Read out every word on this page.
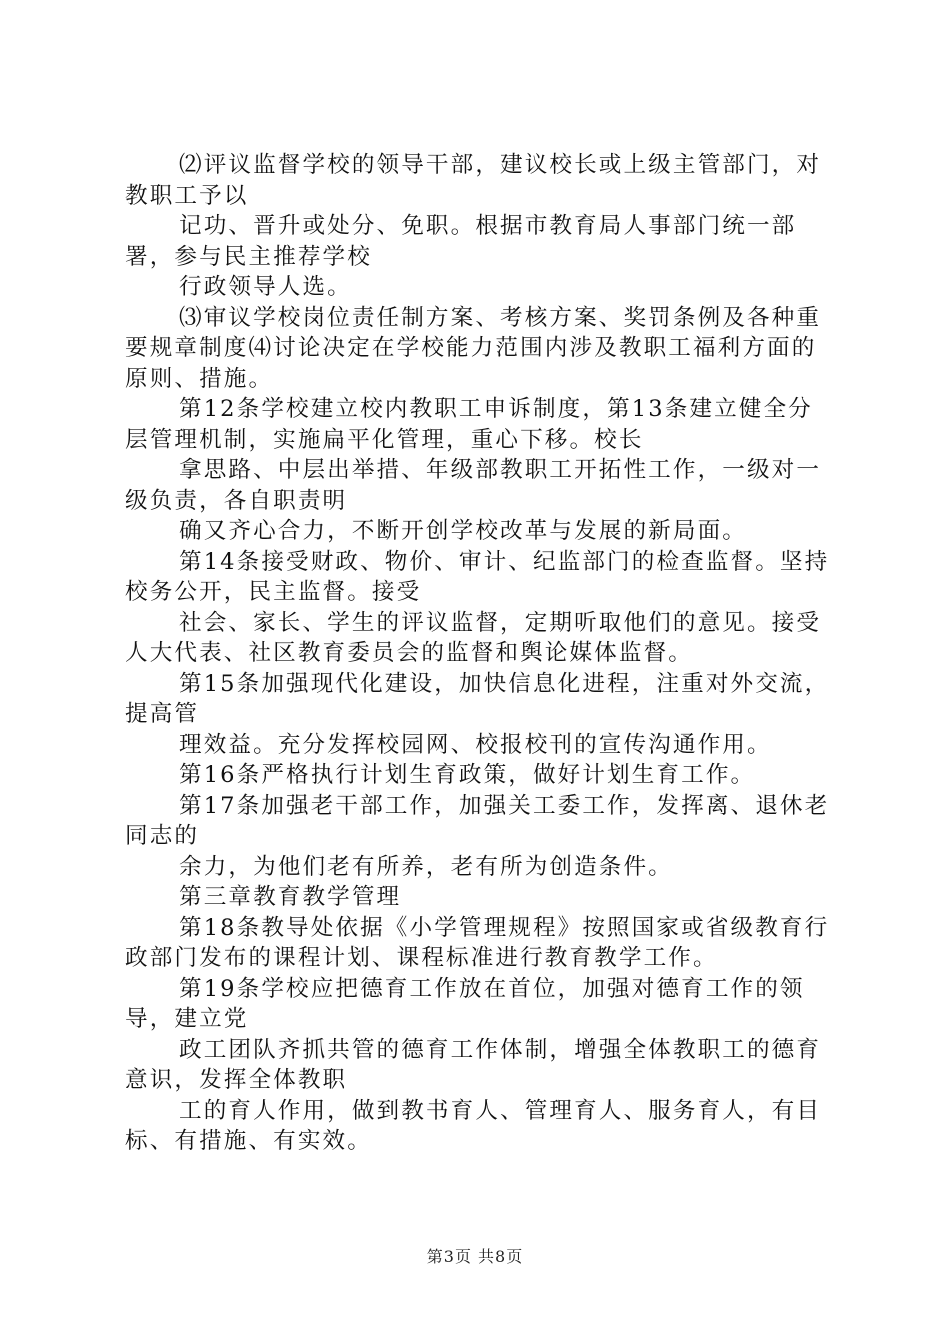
⑵评议监督学校的领导干部，建议校长或上级主管部门，对教职工予以

记功、晋升或处分、免职。根据市教育局人事部门统一部署，参与民主推荐学校

行政领导人选。

⑶审议学校岗位责任制方案、考核方案、奖罚条例及各种重要规章制度⑷讨论决定在学校能力范围内涉及教职工福利方面的原则、措施。

第12条学校建立校内教职工申诉制度，第13条建立健全分层管理机制，实施扁平化管理，重心下移。校长

拿思路、中层出举措、年级部教职工开拓性工作，一级对一级负责，各自职责明

确又齐心合力，不断开创学校改革与发展的新局面。

第14条接受财政、物价、审计、纪监部门的检查监督。坚持校务公开，民主监督。接受

社会、家长、学生的评议监督，定期听取他们的意见。接受人大代表、社区教育委员会的监督和舆论媒体监督。

第15条加强现代化建设，加快信息化进程，注重对外交流，提高管

理效益。充分发挥校园网、校报校刊的宣传沟通作用。

第16条严格执行计划生育政策，做好计划生育工作。

第17条加强老干部工作，加强关工委工作，发挥离、退休老同志的

余力，为他们老有所养，老有所为创造条件。

第三章教育教学管理

第18条教导处依据《小学管理规程》按照国家或省级教育行政部门发布的课程计划、课程标准进行教育教学工作。

第19条学校应把德育工作放在首位，加强对德育工作的领导，建立党

政工团队齐抓共管的德育工作体制，增强全体教职工的德育意识，发挥全体教职

工的育人作用，做到教书育人、管理育人、服务育人，有目标、有措施、有实效。

第3页 共8页
